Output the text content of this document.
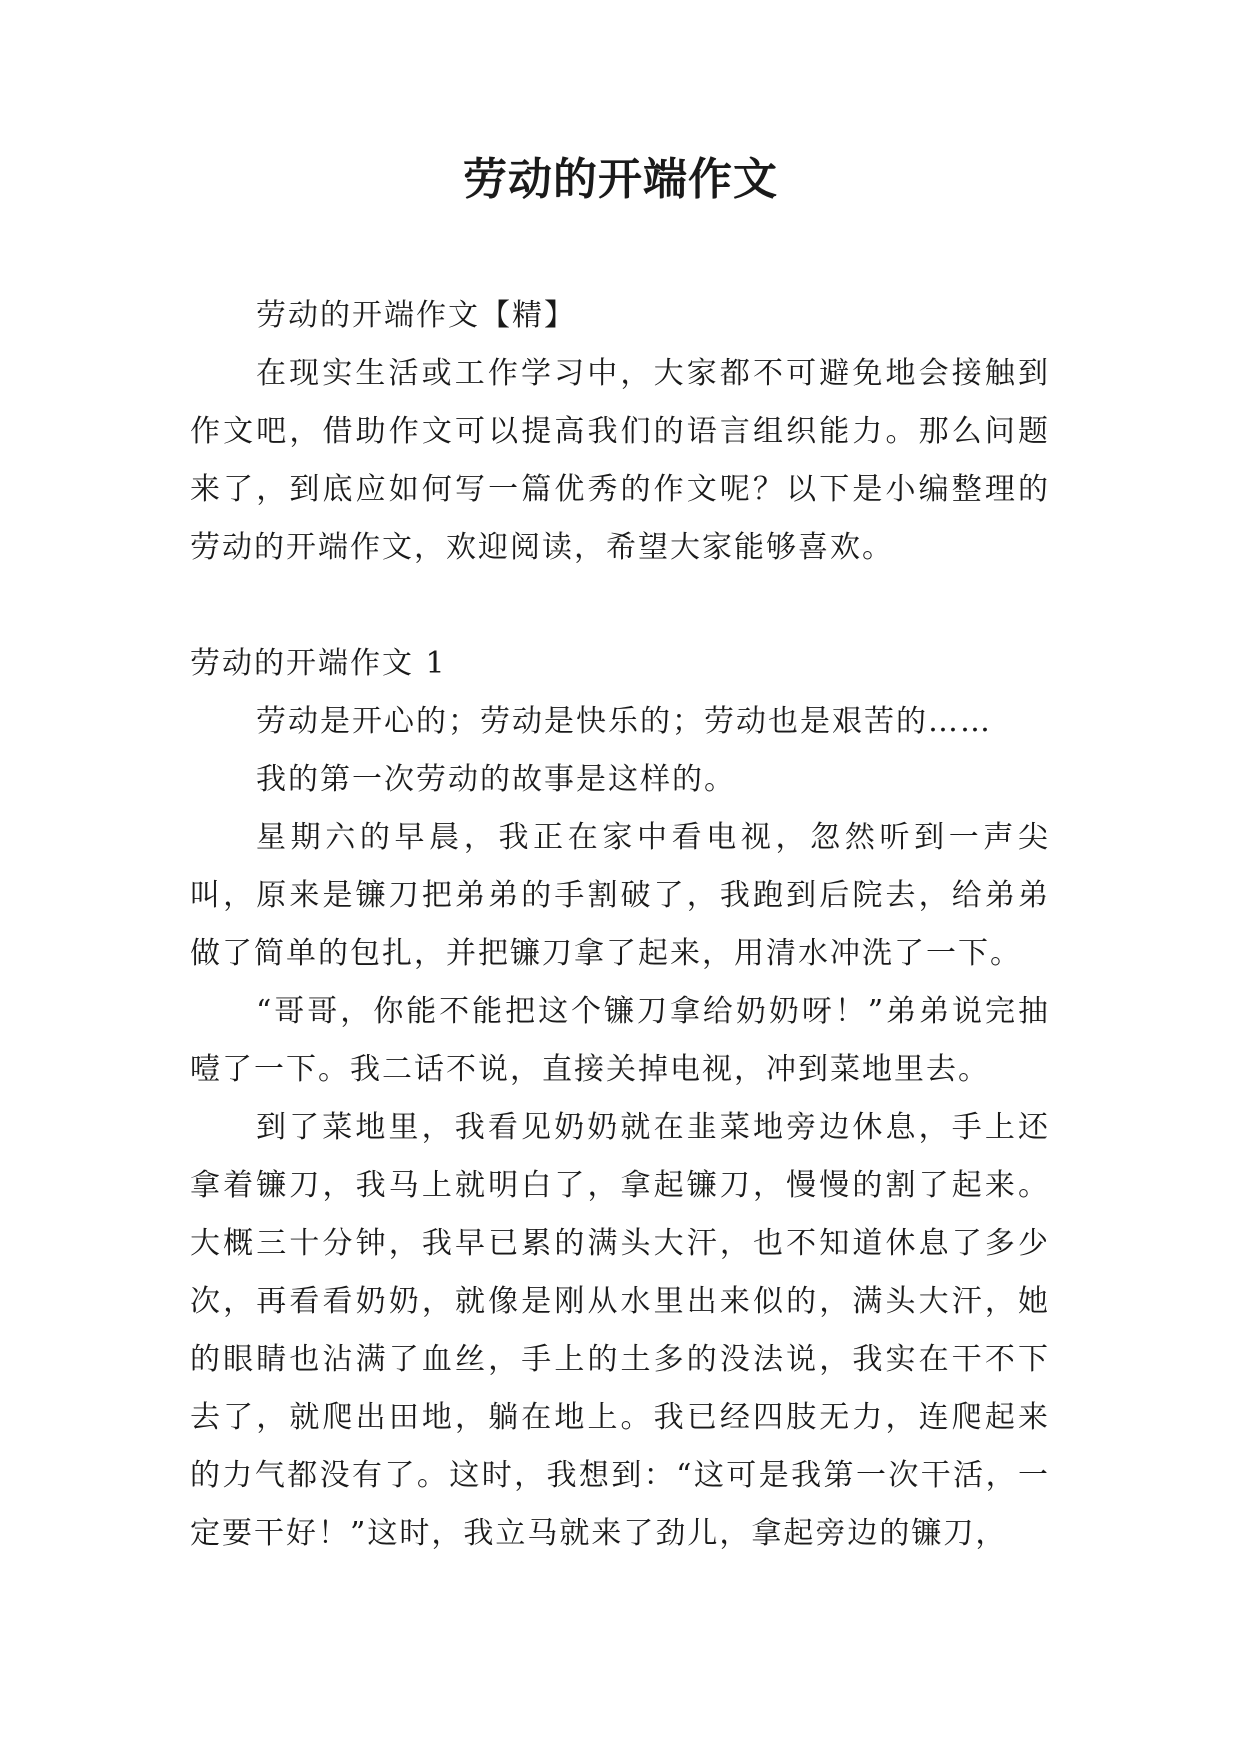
劳动的开端作文

劳动的开端作文【精】

在现实生活或工作学习中，大家都不可避免地会接触到作文吧，借助作文可以提高我们的语言组织能力。那么问题来了，到底应如何写一篇优秀的作文呢？以下是小编整理的劳动的开端作文，欢迎阅读，希望大家能够喜欢。

劳动的开端作文 1

劳动是开心的；劳动是快乐的；劳动也是艰苦的……

我的第一次劳动的故事是这样的。

星期六的早晨，我正在家中看电视，忽然听到一声尖叫，原来是镰刀把弟弟的手割破了，我跑到后院去，给弟弟做了简单的包扎，并把镰刀拿了起来，用清水冲洗了一下。

“哥哥，你能不能把这个镰刀拿给奶奶呀！”弟弟说完抽噎了一下。我二话不说，直接关掉电视，冲到菜地里去。

到了菜地里，我看见奶奶就在韭菜地旁边休息，手上还拿着镰刀，我马上就明白了，拿起镰刀，慢慢的割了起来。大概三十分钟，我早已累的满头大汗，也不知道休息了多少次，再看看奶奶，就像是刚从水里出来似的，满头大汗，她的眼睛也沾满了血丝，手上的土多的没法说，我实在干不下去了，就爬出田地，躺在地上。我已经四肢无力，连爬起来的力气都没有了。这时，我想到：“这可是我第一次干活，一定要干好！”这时，我立马就来了劲儿，拿起旁边的镰刀，
